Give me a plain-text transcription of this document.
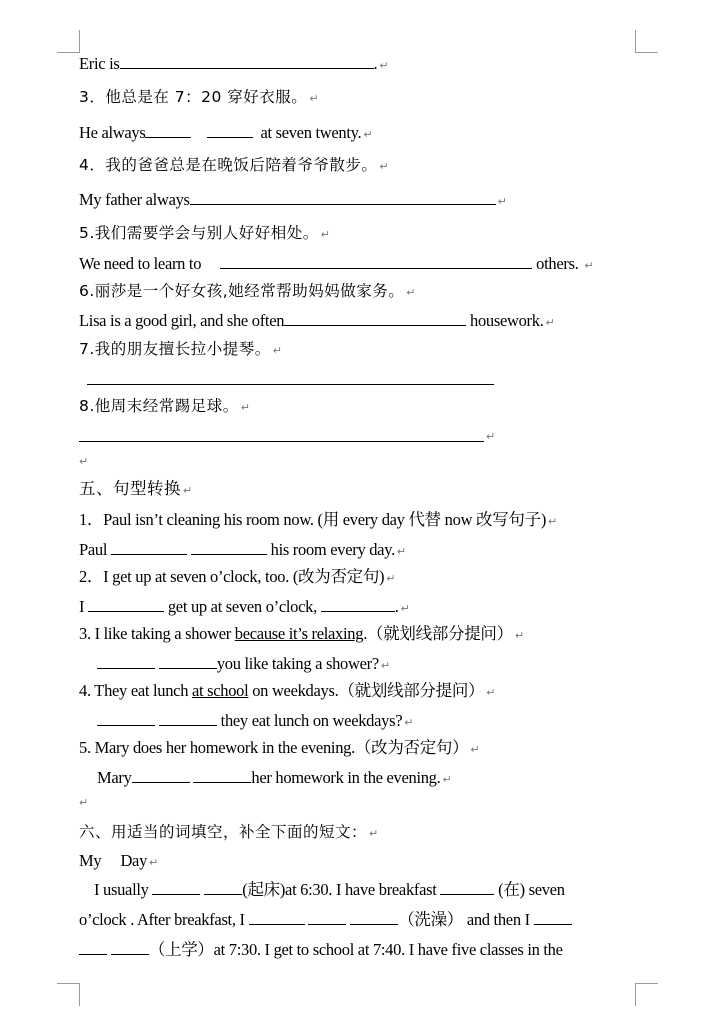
Eric is	. ↵
3．他总是在 7：20 穿好衣服。 ↵
He always	at seven twenty. ↵
4．我的爸爸总是在晚饭后陪着爷爷散步。 ↵
My father always	↵
5.我们需要学会与别人好好相处。 ↵
We need to learn to	others. ↵
6.丽莎是一个好女孩,她经常帮助妈妈做家务。 ↵
Lisa is a good girl, and she often	housework. ↵
7.我的朋友擅长拉小提琴。 ↵
8.他周末经常踢足球。 ↵
↵
↵
五、句型转换 ↵
1．Paul isn’t cleaning his room now. (用 every day 代替 now 改写句子) ↵
Paul	his room every day. ↵
2．I get up at seven o’clock, too. (改为否定句) ↵
I	get up at seven o’clock,	. ↵
3. I like taking a shower because it’s relaxing.（就划线部分提问） ↵
you like taking a shower? ↵
4. They eat lunch at school on weekdays.（就划线部分提问） ↵
they eat lunch on weekdays? ↵
5. Mary does her homework in the evening.（改为否定句） ↵
Mary	her homework in the evening. ↵
↵
六、用适当的词填空，补全下面的短文： ↵
My     Day ↵
I usually	(起床)at 6:30. I have breakfast	(在) seven
o’clock . After breakfast, I	（洗澡） and then I
（上学）at 7:30. I get to school at 7:40. I have five classes in the
